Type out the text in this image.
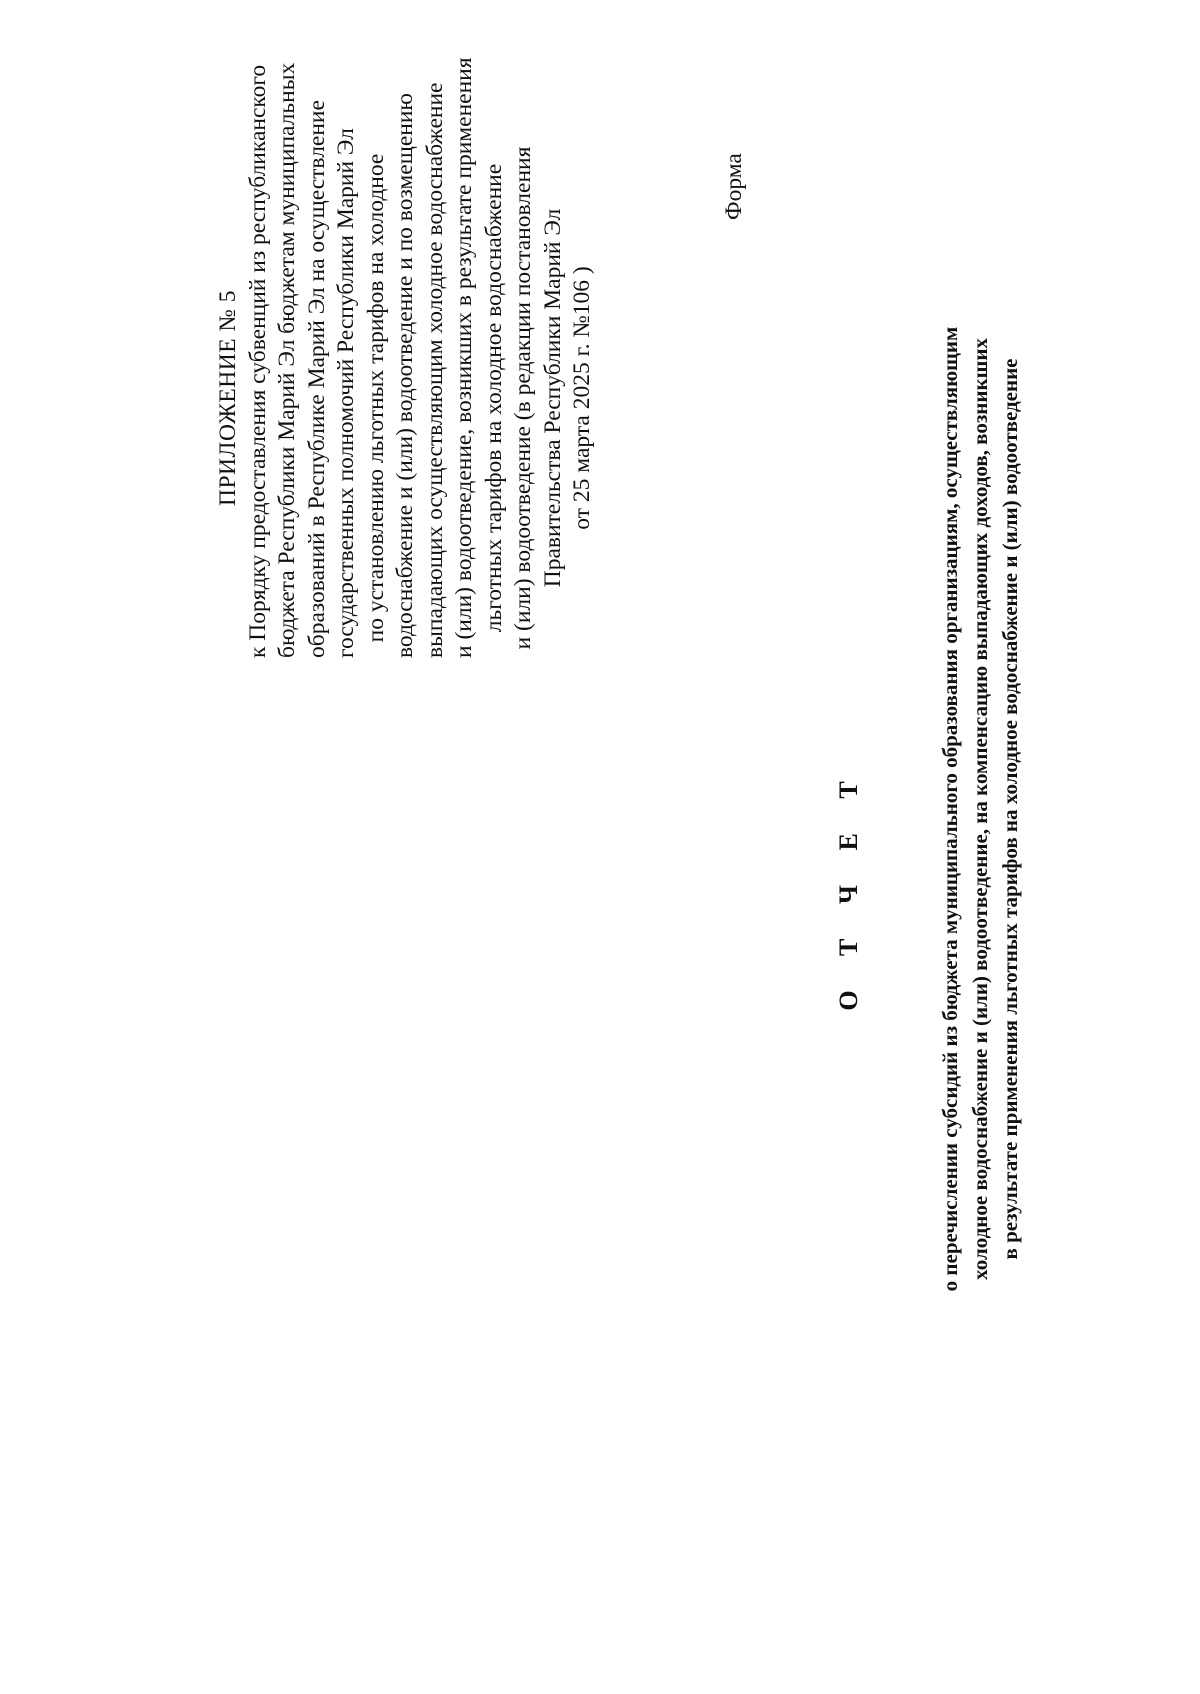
ПРИЛОЖЕНИЕ № 5 к Порядку предоставления субвенций из республиканского бюджета Республики Марий Эл бюджетам муниципальных образований в Республике Марий Эл на осуществление государственных полномочий Республики Марий Эл по установлению льготных тарифов на холодное водоснабжение и (или) водоотведение и по возмещению выпадающих осуществляющим холодное водоснабжение и (или) водоотведение, возникших в результате применения льготных тарифов на холодное водоснабжение и (или) водоотведение (в редакции постановления Правительства Республики Марий Эл от 25 марта 2025 г. №106 )
Форма
О Т Ч Е Т	о перечислении субсидий из бюджета муниципального образования организациям, осуществляющим холодное водоснабжение и (или) водоотведение, на компенсацию выпадающих доходов, возникших в результате применения льготных тарифов на холодное водоснабжение и (или) водоотведение
